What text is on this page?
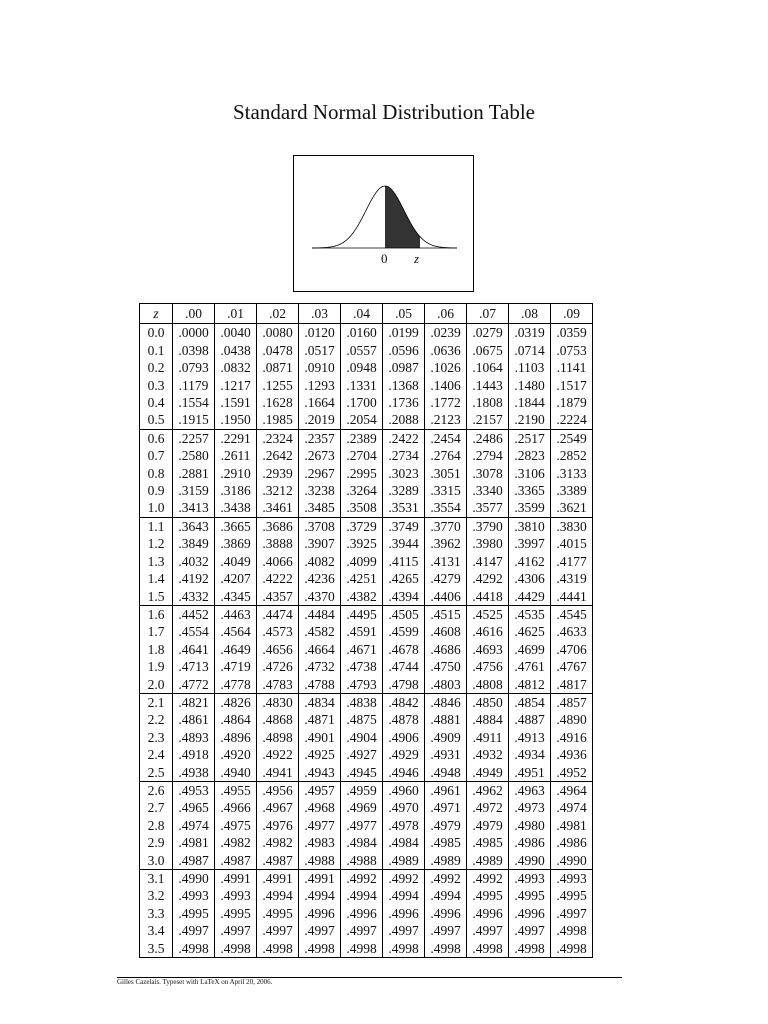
Standard Normal Distribution Table
0 z
z	.00	.01	.02	.03	.04	.05	.06	.07	.08	.09
0.0	.0000	.0040	.0080	.0120	.0160	.0199	.0239	.0279	.0319	.0359
0.1	.0398	.0438	.0478	.0517	.0557	.0596	.0636	.0675	.0714	.0753
0.2	.0793	.0832	.0871	.0910	.0948	.0987	.1026	.1064	.1103	.1141
0.3	.1179	.1217	.1255	.1293	.1331	.1368	.1406	.1443	.1480	.1517
0.4	.1554	.1591	.1628	.1664	.1700	.1736	.1772	.1808	.1844	.1879
0.5	.1915	.1950	.1985	.2019	.2054	.2088	.2123	.2157	.2190	.2224
0.6	.2257	.2291	.2324	.2357	.2389	.2422	.2454	.2486	.2517	.2549
0.7	.2580	.2611	.2642	.2673	.2704	.2734	.2764	.2794	.2823	.2852
0.8	.2881	.2910	.2939	.2967	.2995	.3023	.3051	.3078	.3106	.3133
0.9	.3159	.3186	.3212	.3238	.3264	.3289	.3315	.3340	.3365	.3389
1.0	.3413	.3438	.3461	.3485	.3508	.3531	.3554	.3577	.3599	.3621
1.1	.3643	.3665	.3686	.3708	.3729	.3749	.3770	.3790	.3810	.3830
1.2	.3849	.3869	.3888	.3907	.3925	.3944	.3962	.3980	.3997	.4015
1.3	.4032	.4049	.4066	.4082	.4099	.4115	.4131	.4147	.4162	.4177
1.4	.4192	.4207	.4222	.4236	.4251	.4265	.4279	.4292	.4306	.4319
1.5	.4332	.4345	.4357	.4370	.4382	.4394	.4406	.4418	.4429	.4441
1.6	.4452	.4463	.4474	.4484	.4495	.4505	.4515	.4525	.4535	.4545
1.7	.4554	.4564	.4573	.4582	.4591	.4599	.4608	.4616	.4625	.4633
1.8	.4641	.4649	.4656	.4664	.4671	.4678	.4686	.4693	.4699	.4706
1.9	.4713	.4719	.4726	.4732	.4738	.4744	.4750	.4756	.4761	.4767
2.0	.4772	.4778	.4783	.4788	.4793	.4798	.4803	.4808	.4812	.4817
2.1	.4821	.4826	.4830	.4834	.4838	.4842	.4846	.4850	.4854	.4857
2.2	.4861	.4864	.4868	.4871	.4875	.4878	.4881	.4884	.4887	.4890
2.3	.4893	.4896	.4898	.4901	.4904	.4906	.4909	.4911	.4913	.4916
2.4	.4918	.4920	.4922	.4925	.4927	.4929	.4931	.4932	.4934	.4936
2.5	.4938	.4940	.4941	.4943	.4945	.4946	.4948	.4949	.4951	.4952
2.6	.4953	.4955	.4956	.4957	.4959	.4960	.4961	.4962	.4963	.4964
2.7	.4965	.4966	.4967	.4968	.4969	.4970	.4971	.4972	.4973	.4974
2.8	.4974	.4975	.4976	.4977	.4977	.4978	.4979	.4979	.4980	.4981
2.9	.4981	.4982	.4982	.4983	.4984	.4984	.4985	.4985	.4986	.4986
3.0	.4987	.4987	.4987	.4988	.4988	.4989	.4989	.4989	.4990	.4990
3.1	.4990	.4991	.4991	.4991	.4992	.4992	.4992	.4992	.4993	.4993
3.2	.4993	.4993	.4994	.4994	.4994	.4994	.4994	.4995	.4995	.4995
3.3	.4995	.4995	.4995	.4996	.4996	.4996	.4996	.4996	.4996	.4997
3.4	.4997	.4997	.4997	.4997	.4997	.4997	.4997	.4997	.4997	.4998
3.5	.4998	.4998	.4998	.4998	.4998	.4998	.4998	.4998	.4998	.4998
Gilles Cazelais. Typeset with LaTeX on April 20, 2006.
